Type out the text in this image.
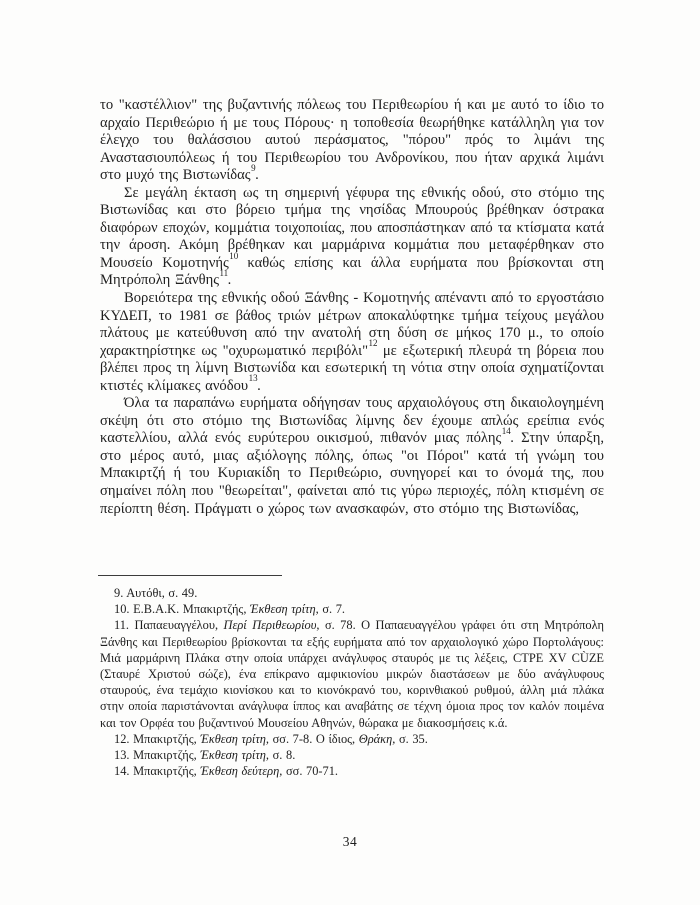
το "καστέλλιον" της βυζαντινής πόλεως του Περιθεωρίου ή και με αυτό το ίδιο το αρχαίο Περιθεώριο ή με τους Πόρους· η τοποθεσία θεωρήθηκε κατάλληλη για τον έλεγχο του θαλάσσιου αυτού περάσματος, "πόρου" πρός το λιμάνι της Αναστασιουπόλεως ή του Περιθεωρίου του Ανδρονίκου, που ήταν αρχικά λιμάνι στο μυχό της Βιστωνίδας$^9$.

Σε μεγάλη έκταση ως τη σημερινή γέφυρα της εθνικής οδού, στο στόμιο της Βιστωνίδας και στο βόρειο τμήμα της νησίδας Μπουρούς βρέθηκαν όστρακα διαφόρων εποχών, κομμάτια τοιχοποιίας, που αποσπάστηκαν από τα κτίσματα κατά την άροση. Ακόμη βρέθηκαν και μαρμάρινα κομμάτια που μεταφέρθηκαν στο Μουσείο Κομοτηνής$^{10}$ καθώς επίσης και άλλα ευρήματα που βρίσκονται στη Μητρόπολη Ξάνθης$^{11}$.

Βορειότερα της εθνικής οδού Ξάνθης - Κομοτηνής απέναντι από το εργοστάσιο ΚΥΔΕΠ, το 1981 σε βάθος τριών μέτρων αποκαλύφτηκε τμήμα τείχους μεγάλου πλάτους με κατεύθυνση από την ανατολή στη δύση σε μήκος 170 μ., το οποίο χαρακτηρίστηκε ως "οχυρωματικό περιβόλι"$^{12}$ με εξωτερική πλευρά τη βόρεια που βλέπει προς τη λίμνη Βιστωνίδα και εσωτερική τη νότια στην οποία σχηματίζονται κτιστές κλίμακες ανόδου$^{13}$.

Όλα τα παραπάνω ευρήματα οδήγησαν τους αρχαιολόγους στη δικαιολογημένη σκέψη ότι στο στόμιο της Βιστωνίδας λίμνης δεν έχουμε απλώς ερείπια ενός καστελλίου, αλλά ενός ευρύτερου οικισμού, πιθανόν μιας πόλης$^{14}$. Στην ύπαρξη, στο μέρος αυτό, μιας αξιόλογης πόλης, όπως "οι Πόροι" κατά τή γνώμη του Μπακιρτζή ή του Κυριακίδη το Περιθεώριο, συνηγορεί και το όνομά της, που σημαίνει πόλη που "θεωρείται", φαίνεται από τις γύρω περιοχές, πόλη κτισμένη σε περίοπτη θέση. Πράγματι ο χώρος των ανασκαφών, στο στόμιο της Βιστωνίδας,

9. Αυτόθι, σ. 49.

10. Ε.Β.Α.Κ. Μπακιρτζής, Έκθεση τρίτη, σ. 7.

11. Παπαευαγγέλου, Περί Περιθεωρίου, σ. 78. Ο Παπαευαγγέλου γράφει ότι στη Μητρόπολη Ξάνθης και Περιθεωρίου βρίσκονται τα εξής ευρήματα από τον αρχαιολογικό χώρο Πορτολάγους: Μιά μαρμάρινη Πλάκα στην οποία υπάρχει ανάγλυφος σταυρός με τις λέξεις, CTPE XV CÙZE (Σταυρέ Χριστού σώζε), ένα επίκρανο αμφικιονίου μικρών διαστάσεων με δύο ανάγλυφους σταυρούς, ένα τεμάχιο κιονίσκου και το κιονόκρανό του, κορινθιακού ρυθμού, άλλη μιά πλάκα στην οποία παριστάνονται ανάγλυφα ίππος και αναβάτης σε τέχνη όμοια προς τον καλόν ποιμένα και τον Ορφέα του βυζαντινού Μουσείου Αθηνών, θώρακα με διακοσμήσεις κ.ά.

12. Μπακιρτζής, Έκθεση τρίτη, σσ. 7-8. Ο ίδιος, Θράκη, σ. 35.

13. Μπακιρτζής, Έκθεση τρίτη, σ. 8.

14. Μπακιρτζής, Έκθεση δεύτερη, σσ. 70-71.

34
